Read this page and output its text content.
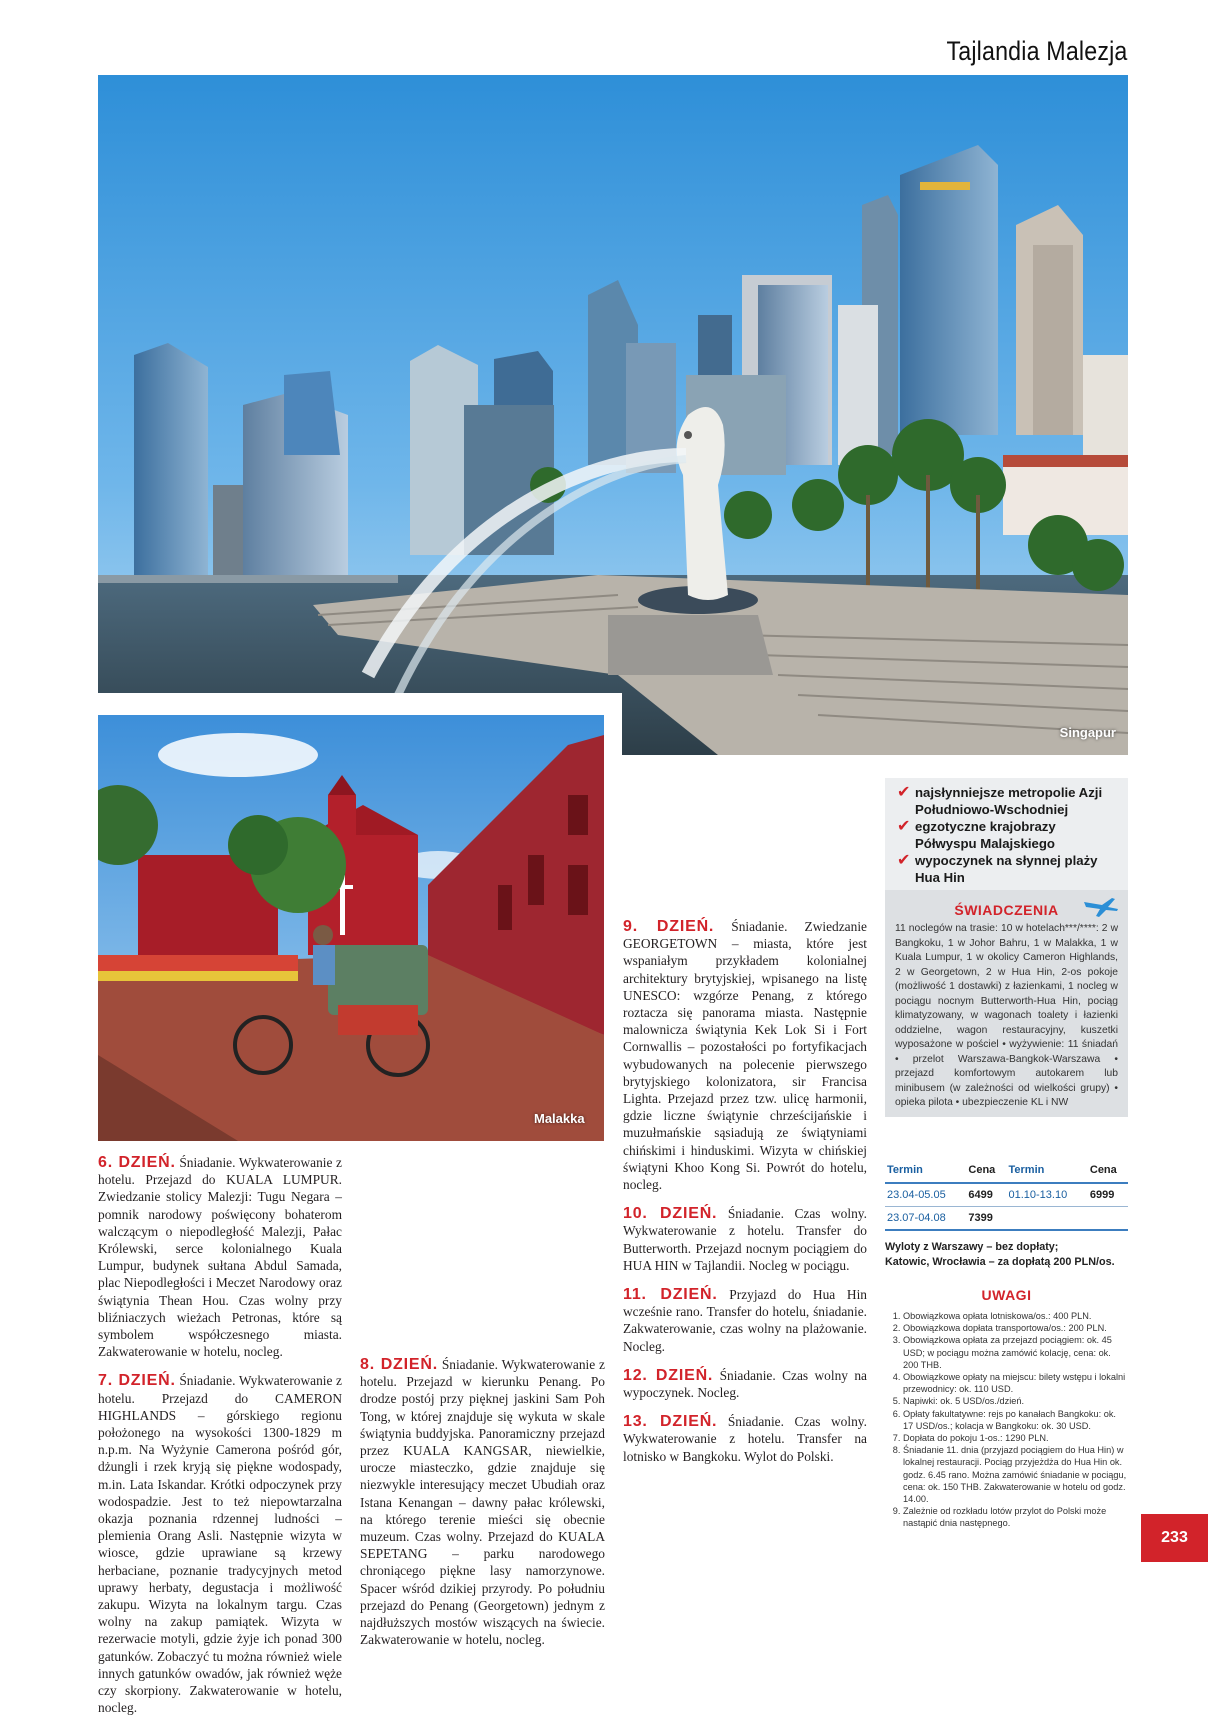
Tajlandia Malezja
Singapur
Malakka

6. DZIEŃ. Śniadanie. Wykwaterowanie z hotelu. Przejazd do KUALA LUMPUR. Zwiedzanie stolicy Malezji: Tugu Negara – pomnik narodowy poświęcony bohaterom walczącym o niepodległość Malezji, Pałac Królewski, serce kolonialnego Kuala Lumpur, budynek sułtana Abdul Samada, plac Niepodległości i Meczet Narodowy oraz świątynia Thean Hou. Czas wolny przy bliźniaczych wieżach Petronas, które są symbolem współczesnego miasta. Zakwaterowanie w hotelu, nocleg.

7. DZIEŃ. Śniadanie. Wykwaterowanie z hotelu. Przejazd do CAMERON HIGHLANDS – górskiego regionu położonego na wysokości 1300-1829 m n.p.m. Na Wyżynie Camerona pośród gór, dżungli i rzek kryją się piękne wodospady, m.in. Lata Iskandar. Krótki odpoczynek przy wodospadzie. Jest to też niepowtarzalna okazja poznania rdzennej ludności – plemienia Orang Asli. Następnie wizyta w wiosce, gdzie uprawiane są krzewy herbaciane, poznanie tradycyjnych metod uprawy herbaty, degustacja i możliwość zakupu. Wizyta na lokalnym targu. Czas wolny na zakup pamiątek. Wizyta w rezerwacie motyli, gdzie żyje ich ponad 300 gatunków. Zobaczyć tu można również wiele innych gatunków owadów, jak również węże czy skorpiony. Zakwaterowanie w hotelu, nocleg.

8. DZIEŃ. Śniadanie. Wykwaterowanie z hotelu. Przejazd w kierunku Penang. Po drodze postój przy pięknej jaskini Sam Poh Tong, w której znajduje się wykuta w skale świątynia buddyjska. Panoramiczny przejazd przez KUALA KANGSAR, niewielkie, urocze miasteczko, gdzie znajduje się niezwykle interesujący meczet Ubudiah oraz Istana Kenangan – dawny pałac królewski, na którego terenie mieści się obecnie muzeum. Czas wolny. Przejazd do KUALA SEPETANG – parku narodowego chroniącego piękne lasy namorzynowe. Spacer wśród dzikiej przyrody. Po południu przejazd do Penang (Georgetown) jednym z najdłuższych mostów wiszących na świecie. Zakwaterowanie w hotelu, nocleg.

9. DZIEŃ. Śniadanie. Zwiedzanie GEORGETOWN – miasta, które jest wspaniałym przykładem kolonialnej architektury brytyjskiej, wpisanego na listę UNESCO: wzgórze Penang, z którego roztacza się panorama miasta. Następnie malownicza świątynia Kek Lok Si i Fort Cornwallis – pozostałości po fortyfikacjach wybudowanych na polecenie pierwszego brytyjskiego kolonizatora, sir Francisa Lighta. Przejazd przez tzw. ulicę harmonii, gdzie liczne świątynie chrześcijańskie i muzułmańskie sąsiadują ze świątyniami chińskimi i hinduskimi. Wizyta w chińskiej świątyni Khoo Kong Si. Powrót do hotelu, nocleg.

10. DZIEŃ. Śniadanie. Czas wolny. Wykwaterowanie z hotelu. Transfer do Butterworth. Przejazd nocnym pociągiem do HUA HIN w Tajlandii. Nocleg w pociągu.

11. DZIEŃ. Przyjazd do Hua Hin wcześnie rano. Transfer do hotelu, śniadanie. Zakwaterowanie, czas wolny na plażowanie. Nocleg.

12. DZIEŃ. Śniadanie. Czas wolny na wypoczynek. Nocleg.

13. DZIEŃ. Śniadanie. Czas wolny. Wykwaterowanie z hotelu. Transfer na lotnisko w Bangkoku. Wylot do Polski.

✔ najsłynniejsze metropolie Azji Południowo-Wschodniej
✔ egzotyczne krajobrazy Półwyspu Malajskiego
✔ wypoczynek na słynnej plaży Hua Hin
ŚWIADCZENIA
11 noclegów na trasie: 10 w hotelach***/****: 2 w Bangkoku, 1 w Johor Bahru, 1 w Malakka, 1 w Kuala Lumpur, 1 w okolicy Cameron Highlands, 2 w Georgetown, 2 w Hua Hin, 2-os pokoje (możliwość 1 dostawki) z łazienkami, 1 nocleg w pociągu nocnym Butterworth-Hua Hin, pociąg klimatyzowany, w wagonach toalety i łazienki oddzielne, wagon restauracyjny, kuszetki wyposażone w pościel • wyżywienie: 11 śniadań • przelot Warszawa-Bangkok-Warszawa • przejazd komfortowym autokarem lub minibusem (w zależności od wielkości grupy) • opieka pilota • ubezpieczenie KL i NW
Termin	Cena	Termin	Cena
23.04-05.05	6499	01.10-13.10	6999
23.07-04.08	7399		
Wyloty z Warszawy – bez dopłaty;
Katowic, Wrocławia – za dopłatą 200 PLN/os.
UWAGI
1. Obowiązkowa opłata lotniskowa/os.: 400 PLN.
2. Obowiązkowa dopłata transportowa/os.: 200 PLN.
3. Obowiązkowa opłata za przejazd pociągiem: ok. 45 USD; w pociągu można zamówić kolację, cena: ok. 200 THB.
4. Obowiązkowe opłaty na miejscu: bilety wstępu i lokalni przewodnicy: ok. 110 USD.
5. Napiwki: ok. 5 USD/os./dzień.
6. Opłaty fakultatywne: rejs po kanałach Bangkoku: ok. 17 USD/os.; kolacja w Bangkoku: ok. 30 USD.
7. Dopłata do pokoju 1-os.: 1290 PLN.
8. Śniadanie 11. dnia (przyjazd pociągiem do Hua Hin) w lokalnej restauracji. Pociąg przyjeżdża do Hua Hin ok. godz. 6.45 rano. Można zamówić śniadanie w pociągu, cena: ok. 150 THB. Zakwaterowanie w hotelu od godz. 14.00.
9. Zależnie od rozkładu lotów przylot do Polski może nastąpić dnia następnego.
233
